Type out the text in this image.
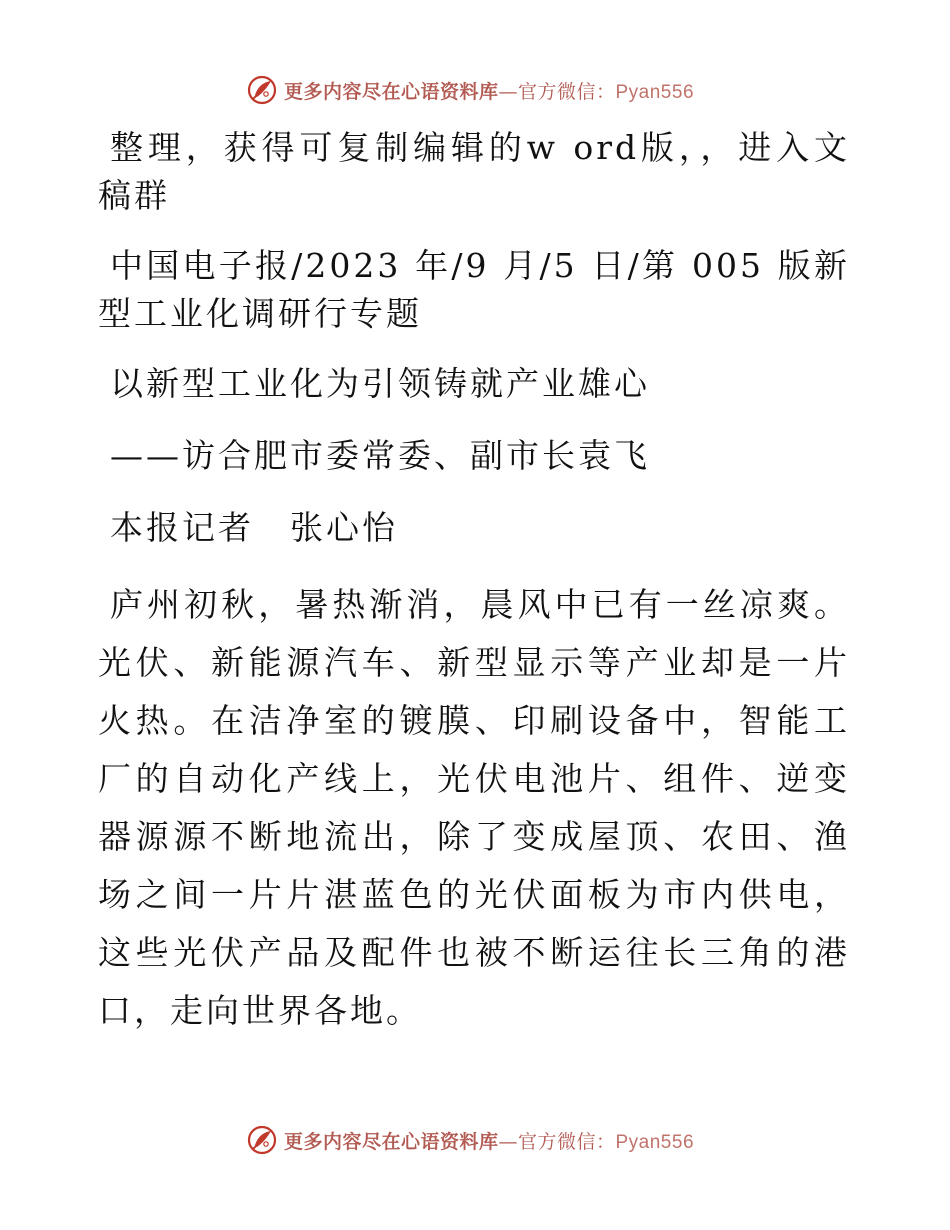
更多内容尽在心语资料库—官方微信：Pyan556

整理，获得可复制编辑的w ord版，，进入文稿群

中国电子报/2023 年/9 月/5 日/第 005 版新型工业化调研行专题

以新型工业化为引领铸就产业雄心

——访合肥市委常委、副市长袁飞

本报记者　张心怡

庐州初秋，暑热渐消，晨风中已有一丝凉爽。光伏、新能源汽车、新型显示等产业却是一片火热。在洁净室的镀膜、印刷设备中，智能工厂的自动化产线上，光伏电池片、组件、逆变器源源不断地流出，除了变成屋顶、农田、渔场之间一片片湛蓝色的光伏面板为市内供电，这些光伏产品及配件也被不断运往长三角的港口，走向世界各地。

更多内容尽在心语资料库—官方微信：Pyan556
